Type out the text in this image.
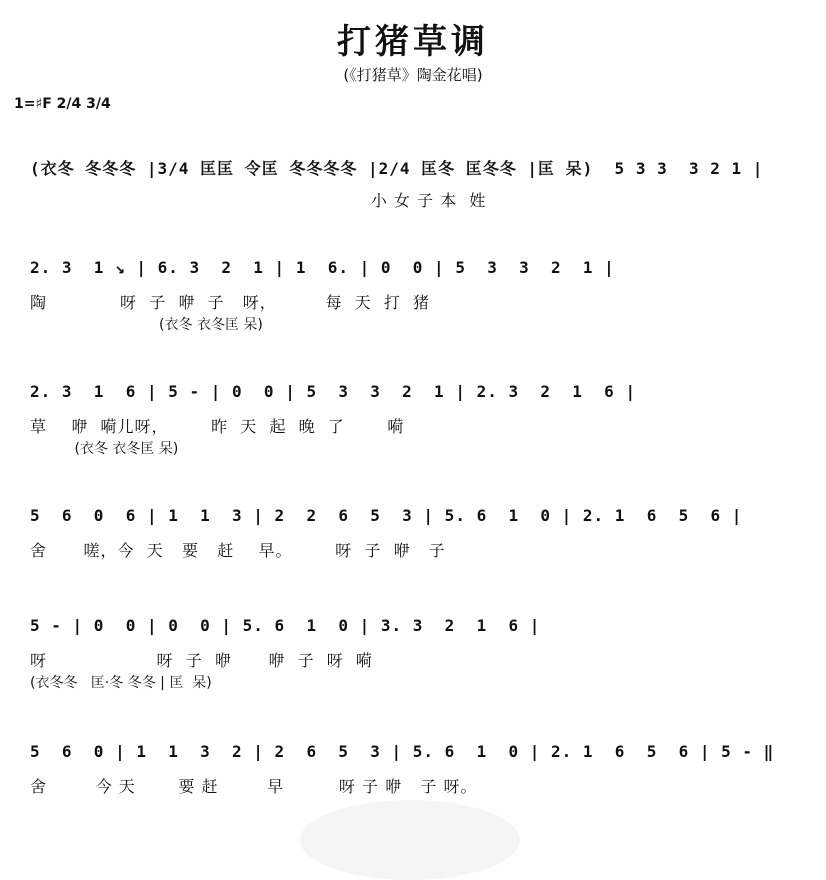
打猪草调
(《打猪草》陶金花唱)
1=♯F 2/4 3/4
(衣冬 冬冬冬 |3/4 匡匡 令匡 冬冬冬冬 |2/4 匡冬 匡冬冬 |匡 呆)  5 3 3  3 2 1 |
小 女 子 本  姓
2. 3  1 ↘ | 6. 3  2  1 | 1  6. | 0  0 | 5  3  3  2  1 |
陶            呀  子  咿  子   呀，        每  天  打  猪
(衣冬 衣冬匡 呆)
2. 3  1  6 | 5 - | 0  0 | 5  3  3  2  1 | 2. 3  2  1  6 |
草    咿  嗬儿呀，       昨  天  起  晚  了       嗬
(衣冬 衣冬匡 呆)
5  6  0  6 | 1  1  3 | 2  2  6  5  3 | 5. 6  1  0 | 2. 1  6  5  6 |
舍      嗟，今  天   要   赶    早。       呀  子  咿   子
5 - | 0  0 | 0  0 | 5. 6  1  0 | 3. 3  2  1  6 |
呀                  呀  子  咿      咿  子  呀  嗬
(衣冬冬   匡·冬 冬冬 | 匡  呆)
5  6  0 | 1  1  3  2 | 2  6  5  3 | 5. 6  1  0 | 2. 1  6  5  6 | 5 - ‖
舍        今 天       要 赶        早         呀 子 咿   子 呀。
